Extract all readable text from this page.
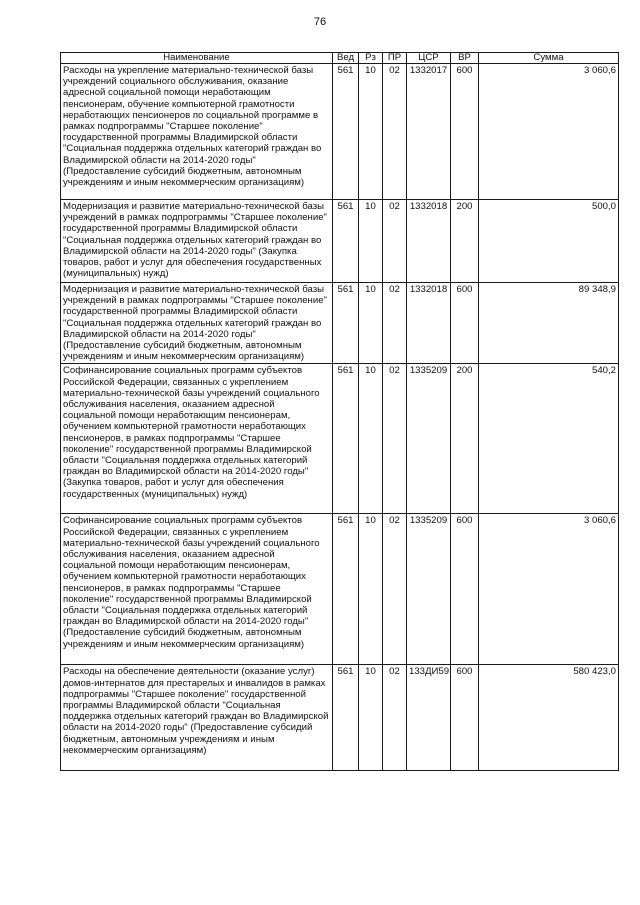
76
Наименование	Вед	Рз	ПР	ЦСР	ВР	Сумма
Расходы на укрепление материально-технической базы учреждений социального обслуживания, оказание адресной социальной помощи неработающим пенсионерам, обучение компьютерной грамотности неработающих пенсионеров по социальной программе в рамках подпрограммы "Старшее поколение" государственной программы Владимирской области "Социальная поддержка отдельных категорий граждан во Владимирской области на 2014-2020 годы" (Предоставление субсидий бюджетным, автономным учреждениям и иным некоммерческим организациям)	561	10	02	1332017	600	3 060,6
Модернизация и развитие материально-технической базы учреждений в рамках подпрограммы "Старшее поколение" государственной программы Владимирской области "Социальная поддержка отдельных категорий граждан во Владимирской области на 2014-2020 годы" (Закупка товаров, работ и услуг для обеспечения государственных (муниципальных) нужд)	561	10	02	1332018	200	500,0
Модернизация и развитие материально-технической базы учреждений в рамках подпрограммы "Старшее поколение" государственной программы Владимирской области "Социальная поддержка отдельных категорий граждан во Владимирской области на 2014-2020 годы" (Предоставление субсидий бюджетным, автономным учреждениям и иным некоммерческим организациям)	561	10	02	1332018	600	89 348,9
Софинансирование социальных программ субъектов Российской Федерации, связанных с укреплением материально-технической базы учреждений социального обслуживания населения, оказанием адресной социальной помощи неработающим пенсионерам, обучением компьютерной грамотности неработающих пенсионеров, в рамках подпрограммы "Старшее поколение" государственной программы Владимирской области "Социальная поддержка отдельных категорий граждан во Владимирской области на 2014-2020 годы" (Закупка товаров, работ и услуг для обеспечения государственных (муниципальных) нужд)	561	10	02	1335209	200	540,2
Софинансирование социальных программ субъектов Российской Федерации, связанных с укреплением материально-технической базы учреждений социального обслуживания населения, оказанием адресной социальной помощи неработающим пенсионерам, обучением компьютерной грамотности неработающих пенсионеров, в рамках подпрограммы "Старшее поколение" государственной программы Владимирской области "Социальная поддержка отдельных категорий граждан во Владимирской области на 2014-2020 годы" (Предоставление субсидий бюджетным, автономным учреждениям и иным некоммерческим организациям)	561	10	02	1335209	600	3 060,6
Расходы на обеспечение деятельности (оказание услуг) домов-интернатов для престарелых и инвалидов в рамках подпрограммы "Старшее поколение" государственной программы Владимирской области "Социальная поддержка отдельных категорий граждан во Владимирской области на 2014-2020 годы" (Предоставление субсидий бюджетным, автономным учреждениям и иным некоммерческим организациям)	561	10	02	133ДИ59	600	580 423,0
